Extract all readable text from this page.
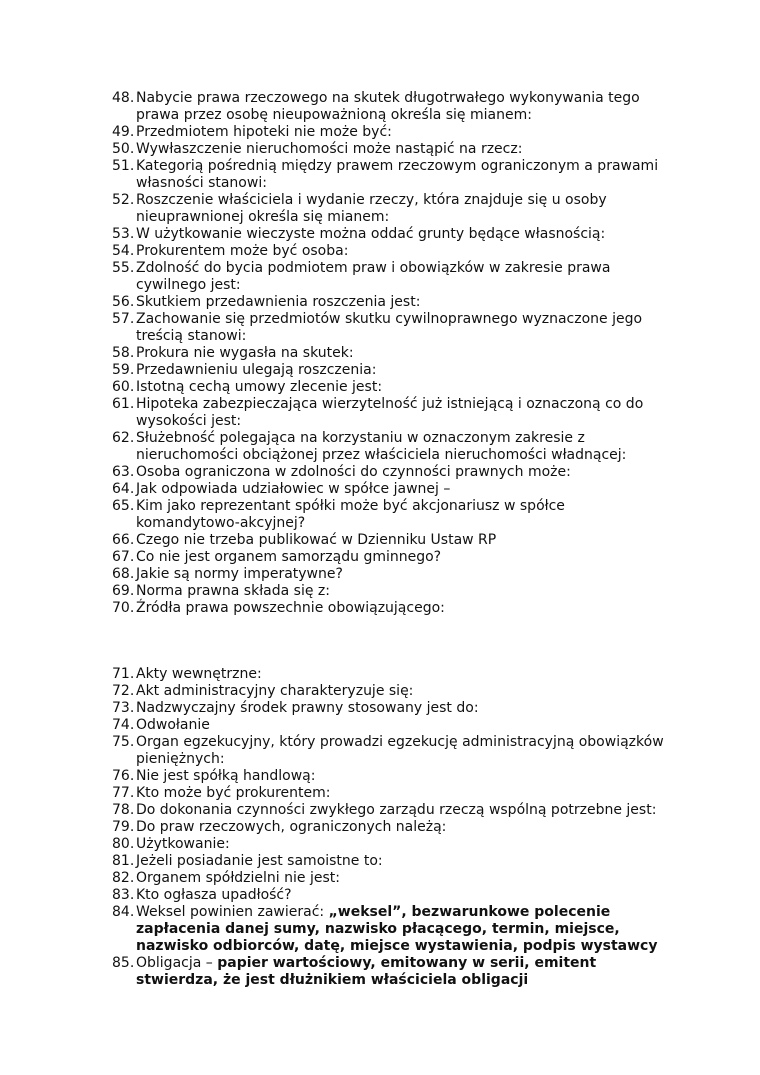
48. Nabycie prawa rzeczowego na skutek długotrwałego wykonywania tego prawa przez osobę nieupoważnioną określa się mianem:
49. Przedmiotem hipoteki nie może być:
50. Wywłaszczenie nieruchomości może nastąpić na rzecz:
51. Kategorią pośrednią między prawem rzeczowym ograniczonym a prawami własności stanowi:
52. Roszczenie właściciela i wydanie rzeczy, która znajduje się u osoby nieuprawnionej określa się mianem:
53. W użytkowanie wieczyste można oddać grunty będące własnością:
54. Prokurentem może być osoba:
55. Zdolność do bycia podmiotem praw i obowiązków w zakresie prawa cywilnego jest:
56. Skutkiem przedawnienia roszczenia jest:
57. Zachowanie się przedmiotów skutku cywilnoprawnego wyznaczone jego treścią stanowi:
58. Prokura nie wygasła na skutek:
59. Przedawnieniu ulegają roszczenia:
60. Istotną cechą umowy zlecenie jest:
61. Hipoteka zabezpieczająca wierzytelność już istniejącą i oznaczoną co do wysokości jest:
62. Służebność polegająca na korzystaniu w oznaczonym zakresie z nieruchomości obciążonej przez właściciela nieruchomości władnącej:
63. Osoba ograniczona w zdolności do czynności prawnych może:
64. Jak odpowiada udziałowiec w spółce jawnej –
65. Kim jako reprezentant spółki może być akcjonariusz w spółce komandytowo-akcyjnej?
66. Czego nie trzeba publikować w Dzienniku Ustaw RP
67. Co nie jest organem samorządu gminnego?
68. Jakie są normy imperatywne?
69. Norma prawna składa się z:
70. Źródła prawa powszechnie obowiązującego:
71. Akty wewnętrzne:
72. Akt administracyjny charakteryzuje się:
73. Nadzwyczajny środek prawny stosowany jest do:
74. Odwołanie
75. Organ egzekucyjny, który prowadzi egzekucję administracyjną obowiązków pieniężnych:
76. Nie jest spółką handlową:
77. Kto może być prokurentem:
78. Do dokonania czynności zwykłego zarządu rzeczą wspólną potrzebne jest:
79. Do praw rzeczowych, ograniczonych należą:
80. Użytkowanie:
81. Jeżeli posiadanie jest samoistne to:
82. Organem spółdzielni nie jest:
83. Kto ogłasza upadłość?
84. Weksel powinien zawierać: „weksel”, bezwarunkowe polecenie zapłacenia danej sumy, nazwisko płacącego, termin, miejsce, nazwisko odbiorców, datę, miejsce wystawienia, podpis wystawcy
85. Obligacja – papier wartościowy, emitowany w serii, emitent stwierdza, że jest dłużnikiem właściciela obligacji
